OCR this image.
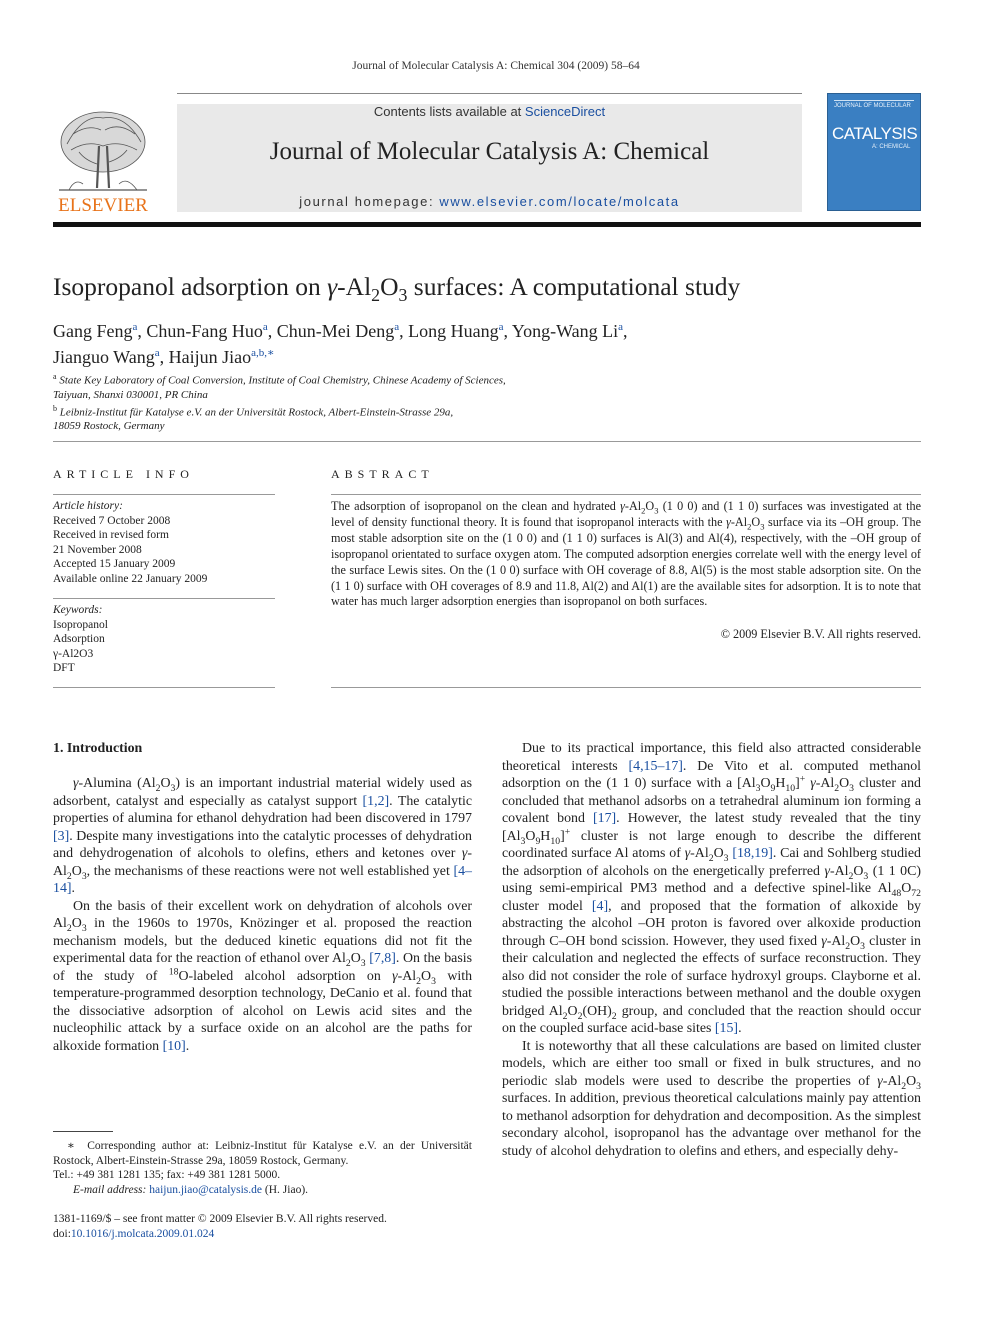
Journal of Molecular Catalysis A: Chemical 304 (2009) 58–64
ELSEVIER
Contents lists available at ScienceDirect
Journal of Molecular Catalysis A: Chemical
journal homepage: www.elsevier.com/locate/molcata
JOURNAL OF MOLECULAR
CATALYSIS
A: CHEMICAL
Isopropanol adsorption on $\gamma-Al_2O_3$ surfaces: A computational study
Gang Feng$^a$, Chun-Fang Huo$^a$, Chun-Mei Deng$^a$, Long Huang$^a$, Yong-Wang Li$^a$,
Jianguo Wang$^a$, Haijun Jiao$^{a,b,∗}$
$^a$ State Key Laboratory of Coal Conversion, Institute of Coal Chemistry, Chinese Academy of Sciences,
Taiyuan, Shanxi 030001, PR China
$^b$ Leibniz-Institut für Katalyse e.V. an der Universität Rostock, Albert-Einstein-Strasse 29a,
18059 Rostock, Germany
ARTICLE INFO
Article history:
Received 7 October 2008
Received in revised form
21 November 2008
Accepted 15 January 2009
Available online 22 January 2009
Keywords:
Isopropanol
Adsorption
γ-Al2O3
DFT
ABSTRACT
The adsorption of isopropanol on the clean and hydrated $\gamma-Al_2O_3$ (1 0 0) and (1 1 0) surfaces was investigated at the level of density functional theory. It is found that isopropanol interacts with the $\gamma-Al_2O_3$ surface via its –OH group. The most stable adsorption site on the (1 0 0) and (1 1 0) surfaces is Al(3) and Al(4), respectively, with the –OH group of isopropanol orientated to surface oxygen atom. The computed adsorption energies correlate well with the energy level of the surface Lewis sites. On the (1 0 0) surface with OH coverage of 8.8, Al(5) is the most stable adsorption site. On the (1 1 0) surface with OH coverages of 8.9 and 11.8, Al(2) and Al(1) are the available sites for adsorption. It is to note that water has much larger adsorption energies than isopropanol on both surfaces.
© 2009 Elsevier B.V. All rights reserved.
1. Introduction

γ-Alumina $(Al_2O_3)$ is an important industrial material widely used as adsorbent, catalyst and especially as catalyst support [1,2]. The catalytic properties of alumina for ethanol dehydration had been discovered in 1797 [3]. Despite many investigations into the catalytic processes of dehydration and dehydrogenation of alcohols to olefins, ethers and ketones over $\gamma-Al_2O_3$, the mechanisms of these reactions were not well established yet [4–14].

On the basis of their excellent work on dehydration of alcohols over $Al_2O_3$ in the 1960s to 1970s, Knözinger et al. proposed the reaction mechanism models, but the deduced kinetic equations did not fit the experimental data for the reaction of ethanol over $Al_2O_3$ [7,8]. On the basis of the study of $^{18}$O-labeled alcohol adsorption on $\gamma-Al_2O_3$ with temperature-programmed desorption technology, DeCanio et al. found that the dissociative adsorption of alcohol on Lewis acid sites and the nucleophilic attack by a surface oxide on an alcohol are the paths for alkoxide formation [10].

Due to its practical importance, this field also attracted considerable theoretical interests [4,15–17]. De Vito et al. computed methanol adsorption on the (1 1 0) surface with a $[Al_3O_9H_{10}]^+$ $\gamma-Al_2O_3$ cluster and concluded that methanol adsorbs on a tetrahedral aluminum ion forming a covalent bond [17]. However, the latest study revealed that the tiny $[Al_3O_9H_{10}]^+$ cluster is not large enough to describe the different coordinated surface Al atoms of $\gamma-Al_2O_3$ [18,19]. Cai and Sohlberg studied the adsorption of alcohols on the energetically preferred $\gamma-Al_2O_3$ (1 1 0C) using semi-empirical PM3 method and a defective spinel-like $Al_{48}O_{72}$ cluster model [4], and proposed that the formation of alkoxide by abstracting the alcohol –OH proton is favored over alkoxide production through C–OH bond scission. However, they used fixed $\gamma-Al_2O_3$ cluster in their calculation and neglected the effects of surface reconstruction. They also did not consider the role of surface hydroxyl groups. Clayborne et al. studied the possible interactions between methanol and the double oxygen bridged $Al_2O_2(OH)_2$ group, and concluded that the reaction should occur on the coupled surface acid-base sites [15].

It is noteworthy that all these calculations are based on limited cluster models, which are either too small or fixed in bulk structures, and no periodic slab models were used to describe the properties of $\gamma-Al_2O_3$ surfaces. In addition, previous theoretical calculations mainly pay attention to methanol adsorption for dehydration and decomposition. As the simplest secondary alcohol, isopropanol has the advantage over methanol for the study of alcohol dehydration to olefins and ethers, and especially dehy-

∗  Corresponding author at: Leibniz-Institut für Katalyse e.V. an der Universität Rostock, Albert-Einstein-Strasse 29a, 18059 Rostock, Germany.
Tel.: +49 381 1281 135; fax: +49 381 1281 5000.
E-mail address: haijun.jiao@catalysis.de (H. Jiao).
1381-1169/$ – see front matter © 2009 Elsevier B.V. All rights reserved.
doi:10.1016/j.molcata.2009.01.024
